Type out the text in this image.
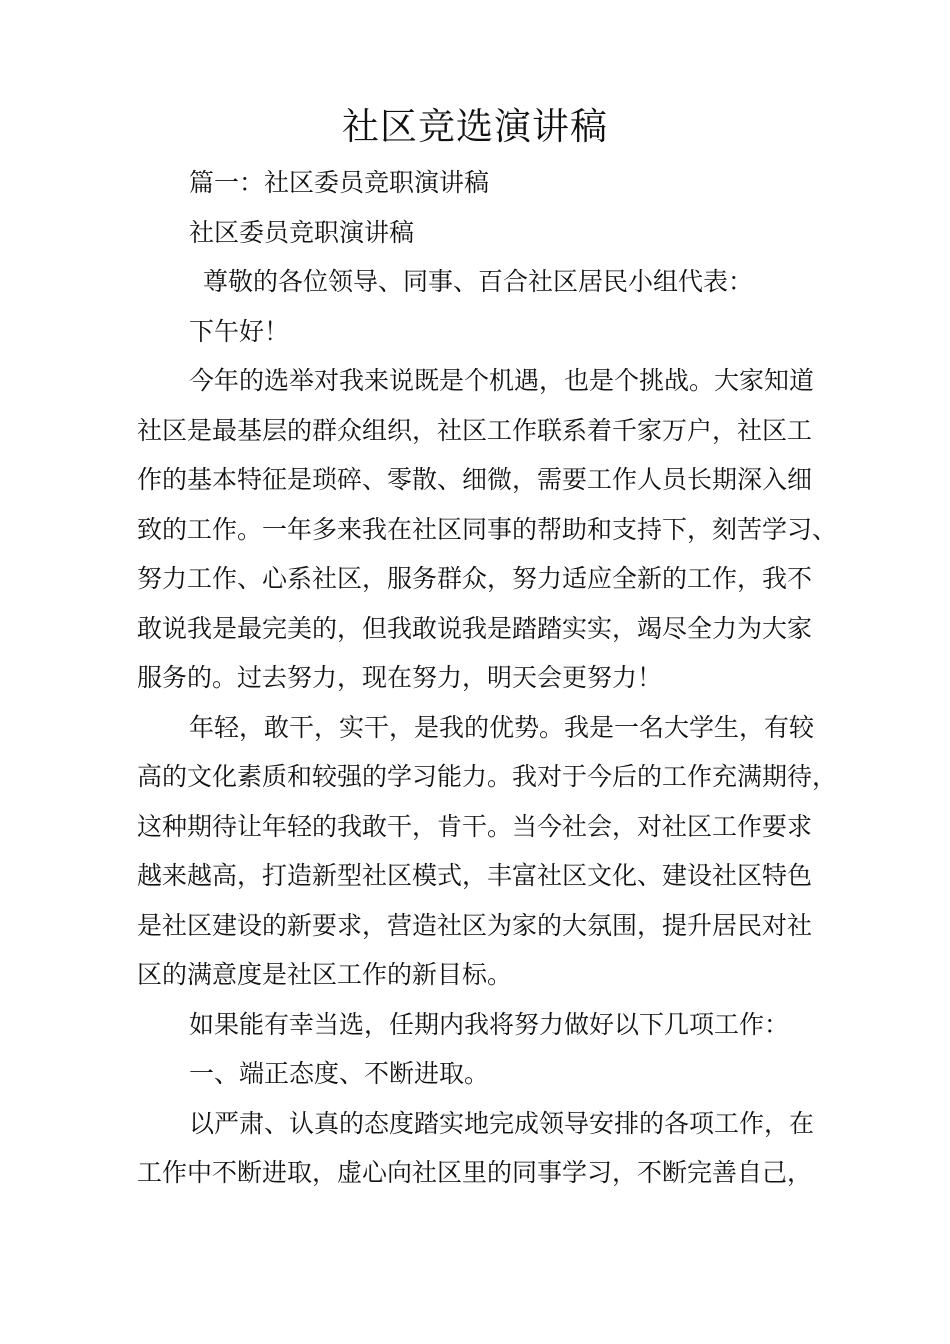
社区竞选演讲稿
篇一：社区委员竞职演讲稿
社区委员竞职演讲稿
尊敬的各位领导、同事、百合社区居民小组代表：
下午好！
今年的选举对我来说既是个机遇，也是个挑战。大家知道
社区是最基层的群众组织，社区工作联系着千家万户，社区工
作的基本特征是琐碎、零散、细微，需要工作人员长期深入细
致的工作。一年多来我在社区同事的帮助和支持下，刻苦学习、
努力工作、心系社区，服务群众，努力适应全新的工作，我不
敢说我是最完美的，但我敢说我是踏踏实实，竭尽全力为大家
服务的。过去努力，现在努力，明天会更努力！
年轻，敢干，实干，是我的优势。我是一名大学生，有较
高的文化素质和较强的学习能力。我对于今后的工作充满期待，
这种期待让年轻的我敢干，肯干。当今社会，对社区工作要求
越来越高，打造新型社区模式，丰富社区文化、建设社区特色
是社区建设的新要求，营造社区为家的大氛围，提升居民对社
区的满意度是社区工作的新目标。
如果能有幸当选，任期内我将努力做好以下几项工作：
一、端正态度、不断进取。
以严肃、认真的态度踏实地完成领导安排的各项工作，在
工作中不断进取，虚心向社区里的同事学习，不断完善自己，
